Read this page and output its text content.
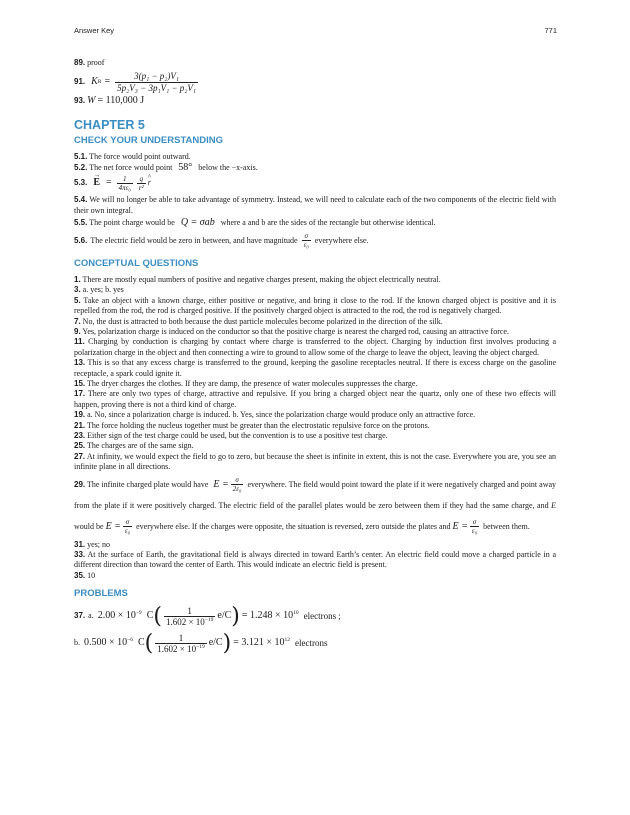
Answer Key	771
89. proof
91. K $R = \frac{\text{3(p₁ − p₂)V₁}}{\text{5p₂V₃ − 3p₁V₁ − p₂V₁}}$
93. W = 110,000 J
CHAPTER 5
CHECK YOUR UNDERSTANDING
5.1. The force would point outward.
5.2. The net force would point 58° below the −x-axis.
5.3. E → = $\frac{1}{\text{4πε₀}} \frac{q}{\text{r²}}$ r ^
5.4. We will no longer be able to take advantage of symmetry. Instead, we will need to calculate each of the two components of the electric field with their own integral.
5.5. The point charge would be Q = σab where a and b are the sides of the rectangle but otherwise identical.
5.6. The electric field would be zero in between, and have magnitude $\frac{\sigma}{\text{ε₀}}$ everywhere else.
CONCEPTUAL QUESTIONS
1. There are mostly equal numbers of positive and negative charges present, making the object electrically neutral.
3. a. yes; b. yes
5. Take an object with a known charge, either positive or negative, and bring it close to the rod. If the known charged object is positive and it is repelled from the rod, the rod is charged positive. If the positively charged object is attracted to the rod, the rod is negatively charged.
7. No, the dust is attracted to both because the dust particle molecules become polarized in the direction of the silk.
9. Yes, polarization charge is induced on the conductor so that the positive charge is nearest the charged rod, causing an attractive force.
11. Charging by conduction is charging by contact where charge is transferred to the object. Charging by induction first involves producing a polarization charge in the object and then connecting a wire to ground to allow some of the charge to leave the object, leaving the object charged.
13. This is so that any excess charge is transferred to the ground, keeping the gasoline receptacles neutral. If there is excess charge on the gasoline receptacle, a spark could ignite it.
15. The dryer charges the clothes. If they are damp, the presence of water molecules suppresses the charge.
17. There are only two types of charge, attractive and repulsive. If you bring a charged object near the quartz, only one of these two effects will happen, proving there is not a third kind of charge.
19. a. No, since a polarization charge is induced. b. Yes, since the polarization charge would produce only an attractive force.
21. The force holding the nucleus together must be greater than the electrostatic repulsive force on the protons.
23. Either sign of the test charge could be used, but the convention is to use a positive test charge.
25. The charges are of the same sign.
27. At infinity, we would expect the field to go to zero, but because the sheet is infinite in extent, this is not the case. Everywhere you are, you see an infinite plane in all directions.
29. The infinite charged plate would have $E = \frac{\sigma}{\text{2ε₀}}$ everywhere. The field would point toward the plate if it were negatively charged and point away from the plate if it were positively charged. The electric field of the parallel plates would be zero between them if they had the same charge, and E would be $E = \frac{\sigma}{\text{ε₀}}$ everywhere else. If the charges were opposite, the situation is reversed, zero outside the plates and $E = \frac{\sigma}{\text{ε₀}}$ between them.
31. yes; no
33. At the surface of Earth, the gravitational field is always directed in toward Earth’s center. An electric field could move a charged particle in a different direction than toward the center of Earth. This would indicate an electric field is present.
35. 10
PROBLEMS
37. a. $2.00 \times 10^{-9}$ C ( $\frac{1}{1.602 \times 10^{-19}} e/C$ ) = $1.248 \times 10^{10}$ electrons ;
b. $0.500 \times 10^{-6}$ C ( $\frac{1}{1.602 \times 10^{-19}} e/C$ ) = $3.121 \times 10^{12}$ electrons
